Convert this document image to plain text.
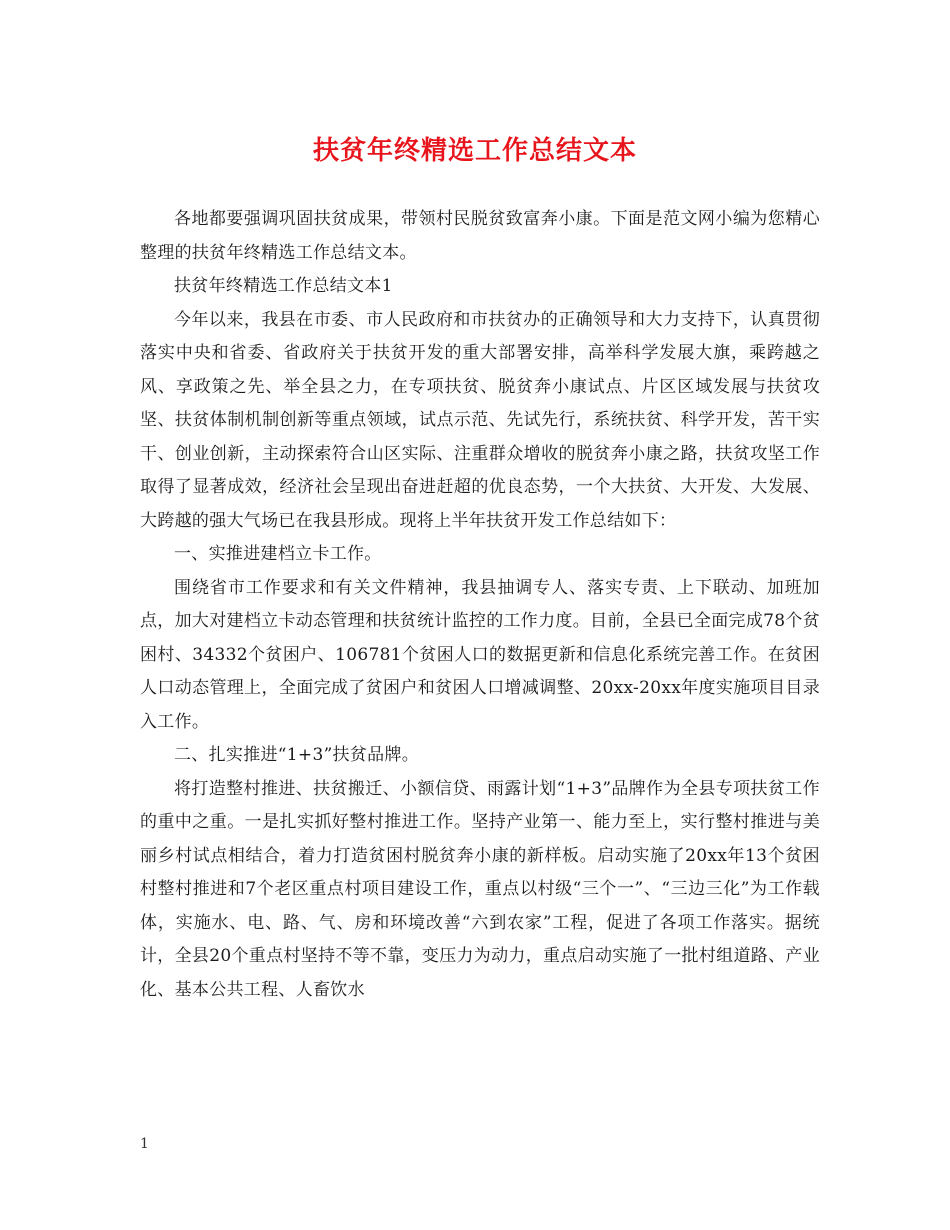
扶贫年终精选工作总结文本

各地都要强调巩固扶贫成果，带领村民脱贫致富奔小康。下面是范文网小编为您精心整理的扶贫年终精选工作总结文本。

扶贫年终精选工作总结文本1

今年以来，我县在市委、市人民政府和市扶贫办的正确领导和大力支持下，认真贯彻落实中央和省委、省政府关于扶贫开发的重大部署安排，高举科学发展大旗，乘跨越之风、享政策之先、举全县之力，在专项扶贫、脱贫奔小康试点、片区区域发展与扶贫攻坚、扶贫体制机制创新等重点领域，试点示范、先试先行，系统扶贫、科学开发，苦干实干、创业创新，主动探索符合山区实际、注重群众增收的脱贫奔小康之路，扶贫攻坚工作取得了显著成效，经济社会呈现出奋进赶超的优良态势，一个大扶贫、大开发、大发展、大跨越的强大气场已在我县形成。现将上半年扶贫开发工作总结如下：

一、实推进建档立卡工作。

围绕省市工作要求和有关文件精神，我县抽调专人、落实专责、上下联动、加班加点，加大对建档立卡动态管理和扶贫统计监控的工作力度。目前，全县已全面完成78个贫困村、34332个贫困户、106781个贫困人口的数据更新和信息化系统完善工作。在贫困人口动态管理上，全面完成了贫困户和贫困人口增减调整、20xx-20xx年度实施项目目录入工作。

二、扎实推进“1+3”扶贫品牌。

将打造整村推进、扶贫搬迁、小额信贷、雨露计划“1+3”品牌作为全县专项扶贫工作的重中之重。一是扎实抓好整村推进工作。坚持产业第一、能力至上，实行整村推进与美丽乡村试点相结合，着力打造贫困村脱贫奔小康的新样板。启动实施了20xx年13个贫困村整村推进和7个老区重点村项目建设工作，重点以村级“三个一”、“三边三化”为工作载体，实施水、电、路、气、房和环境改善“六到农家”工程，促进了各项工作落实。据统计，全县20个重点村坚持不等不靠，变压力为动力，重点启动实施了一批村组道路、产业化、基本公共工程、人畜饮水

1
